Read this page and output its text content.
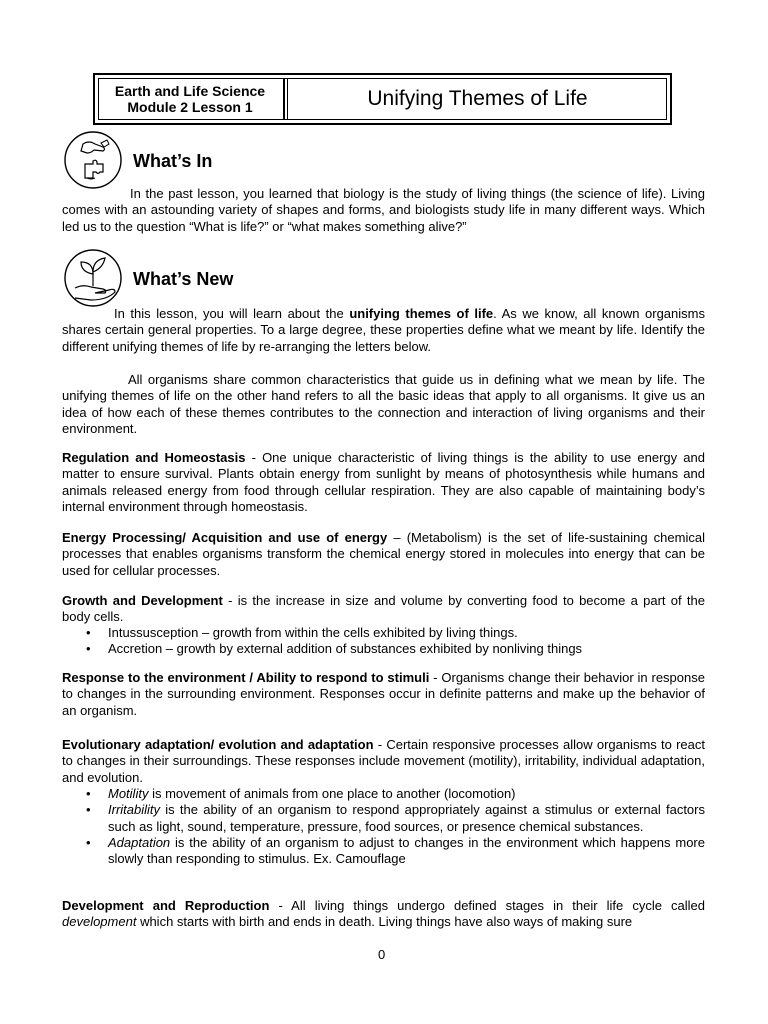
Earth and Life Science
Module 2 Lesson 1	Unifying Themes of Life
What’s In

In the past lesson, you learned that biology is the study of living things (the science of life). Living comes with an astounding variety of shapes and forms, and biologists study life in many different ways. Which led us to the question “What is life?” or “what makes something alive?”

What’s New

In this lesson, you will learn about the unifying themes of life. As we know, all known organisms shares certain general properties. To a large degree, these properties define what we meant by life. Identify the different unifying themes of life by re-arranging the letters below.

All organisms share common characteristics that guide us in defining what we mean by life. The unifying themes of life on the other hand refers to all the basic ideas that apply to all organisms. It give us an idea of how each of these themes contributes to the connection and interaction of living organisms and their environment.

Regulation and Homeostasis - One unique characteristic of living things is the ability to use energy and matter to ensure survival. Plants obtain energy from sunlight by means of photosynthesis while humans and animals released energy from food through cellular respiration. They are also capable of maintaining body’s internal environment through homeostasis.

Energy Processing/ Acquisition and use of energy – (Metabolism) is the set of life-sustaining chemical processes that enables organisms transform the chemical energy stored in molecules into energy that can be used for cellular processes.

Growth and Development - is the increase in size and volume by converting food to become a part of the body cells.

• Intussusception – growth from within the cells exhibited by living things.
• Accretion – growth by external addition of substances exhibited by nonliving things

Response to the environment / Ability to respond to stimuli - Organisms change their behavior in response to changes in the surrounding environment. Responses occur in definite patterns and make up the behavior of an organism.

Evolutionary adaptation/ evolution and adaptation - Certain responsive processes allow organisms to react to changes in their surroundings. These responses include movement (motility), irritability, individual adaptation, and evolution.

• Motility is movement of animals from one place to another (locomotion)
• Irritability is the ability of an organism to respond appropriately against a stimulus or external factors such as light, sound, temperature, pressure, food sources, or presence chemical substances.
• Adaptation is the ability of an organism to adjust to changes in the environment which happens more slowly than responding to stimulus. Ex. Camouflage

Development and Reproduction - All living things undergo defined stages in their life cycle called development which starts with birth and ends in death. Living things have also ways of making sure

0
